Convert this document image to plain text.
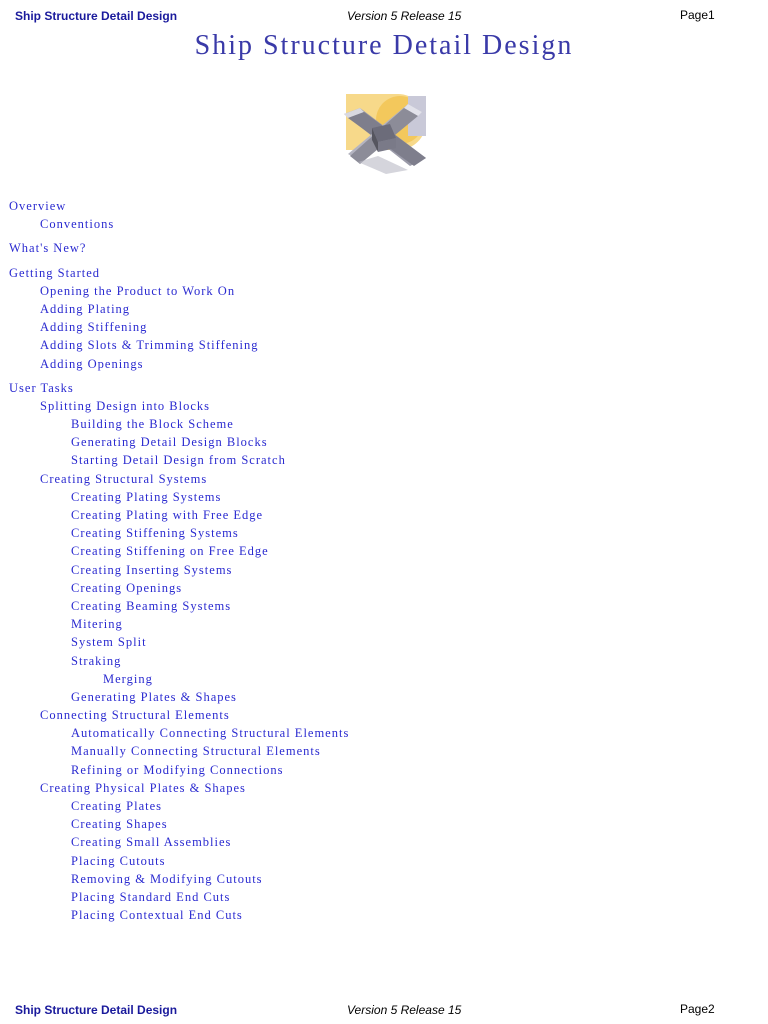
Ship Structure Detail Design	Version 5 Release 15	Page1
Ship Structure Detail Design
Overview
Conventions
What's New?
Getting Started
Opening the Product to Work On
Adding Plating
Adding Stiffening
Adding Slots & Trimming Stiffening
Adding Openings
User Tasks
Splitting Design into Blocks
Building the Block Scheme
Generating Detail Design Blocks
Starting Detail Design from Scratch
Creating Structural Systems
Creating Plating Systems
Creating Plating with Free Edge
Creating Stiffening Systems
Creating Stiffening on Free Edge
Creating Inserting Systems
Creating Openings
Creating Beaming Systems
Mitering
System Split
Straking
Merging
Generating Plates & Shapes
Connecting Structural Elements
Automatically Connecting Structural Elements
Manually Connecting Structural Elements
Refining or Modifying Connections
Creating Physical Plates & Shapes
Creating Plates
Creating Shapes
Creating Small Assemblies
Placing Cutouts
Removing & Modifying Cutouts
Placing Standard End Cuts
Placing Contextual End Cuts
Ship Structure Detail Design	Version 5 Release 15	Page2
